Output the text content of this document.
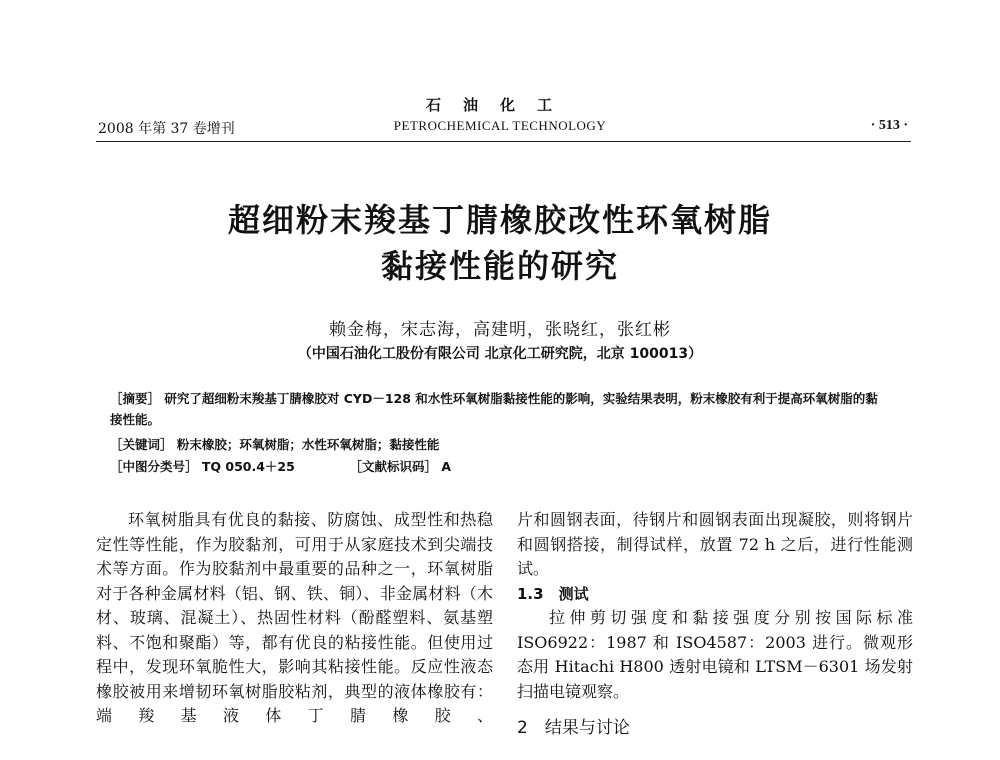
2008 年第 37 卷增刊
石油化工
PETROCHEMICAL TECHNOLOGY	· 513 ·
超细粉末羧基丁腈橡胶改性环氧树脂
黏接性能的研究
赖金梅，宋志海，高建明，张晓红，张红彬
（中国石油化工股份有限公司 北京化工研究院，北京 100013）
［摘要］ 研究了超细粉末羧基丁腈橡胶对 CYD－128 和水性环氧树脂黏接性能的影响，实验结果表明，粉末橡胶有利于提高环氧树脂的黏接性能。
［关键词］ 粉末橡胶；环氧树脂；水性环氧树脂；黏接性能
［中图分类号］ TQ 050.4＋25	［文献标识码］ A

环氧树脂具有优良的黏接、防腐蚀、成型性和热稳定性等性能，作为胶黏剂，可用于从家庭技术到尖端技术等方面。作为胶黏剂中最重要的品种之一，环氧树脂对于各种金属材料（铝、钢、铁、铜）、非金属材料（木材、玻璃、混凝土）、热固性材料（酚醛塑料、氨基塑料、不饱和聚酯）等，都有优良的粘接性能。但使用过程中，发现环氧脆性大，影响其粘接性能。反应性液态橡胶被用来增韧环氧树脂胶粘剂，典型的液体橡胶有：端羧基液体丁腈橡胶、

片和圆钢表面，待钢片和圆钢表面出现凝胶，则将钢片和圆钢搭接，制得试样，放置 72 h 之后，进行性能测试。

1.3　测试

拉伸剪切强度和黏接强度分别按国际标准 ISO6922：1987 和 ISO4587：2003 进行。微观形态用 Hitachi H800 透射电镜和 LTSM－6301 场发射扫描电镜观察。

2　结果与讨论
